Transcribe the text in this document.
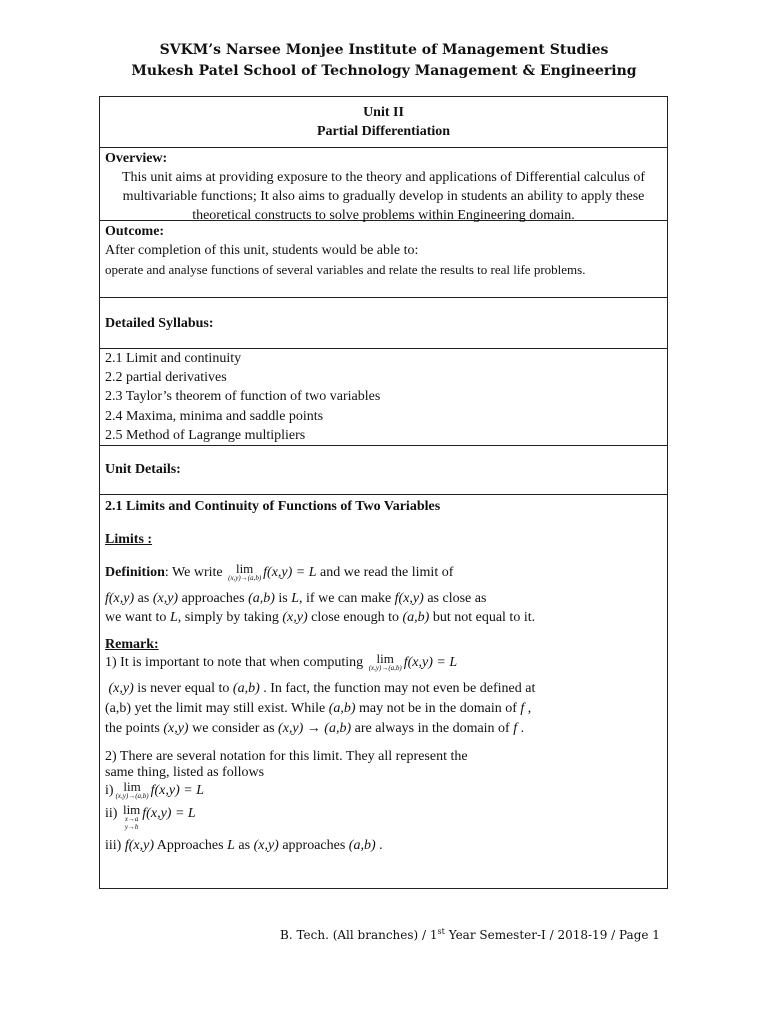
SVKM’s Narsee Monjee Institute of Management Studies
Mukesh Patel School of Technology Management & Engineering
Unit II
Partial Differentiation
Overview:
This unit aims at providing exposure to the theory and applications of Differential calculus of
multivariable functions; It also aims to gradually develop in students an ability to apply these
theoretical constructs to solve problems within Engineering domain.
Outcome:
After completion of this unit, students would be able to:
operate and analyse functions of several variables and relate the results to real life problems.
Detailed Syllabus:
2.1 Limit and continuity
2.2 partial derivatives
2.3 Taylor’s theorem of function of two variables
2.4 Maxima, minima and saddle points
2.5 Method of Lagrange multipliers
Unit Details:
2.1 Limits and Continuity of Functions of Two Variables
Limits :
Definition: We write	lim
(x,y)→(a,b) f(x,y) = L and we read the limit of
f(x,y) as (x,y) approaches (a,b) is L, if we can make f(x,y) as close as
we want to L, simply by taking (x,y) close enough to (a,b) but not equal to it.
Remark:
1) It is important to note that when computing	lim
(x,y)→(a,b) f(x,y) = L
(x,y) is never equal to (a,b) . In fact, the function may not even be defined at
(a,b) yet the limit may still exist. While (a,b) may not be in the domain of f ,
the points (x,y) we consider as (x,y) → (a,b) are always in the domain of f .
2) There are several notation for this limit. They all represent the
same thing, listed as follows
i) lim
(x,y)→(a,b) f(x,y) = L
ii) lim
x→a
y→b
f(x,y) = L
iii) f(x,y) Approaches L as (x,y) approaches (a,b) .
B. Tech. (All branches) / 1st Year Semester-I / 2018-19 / Page 1
